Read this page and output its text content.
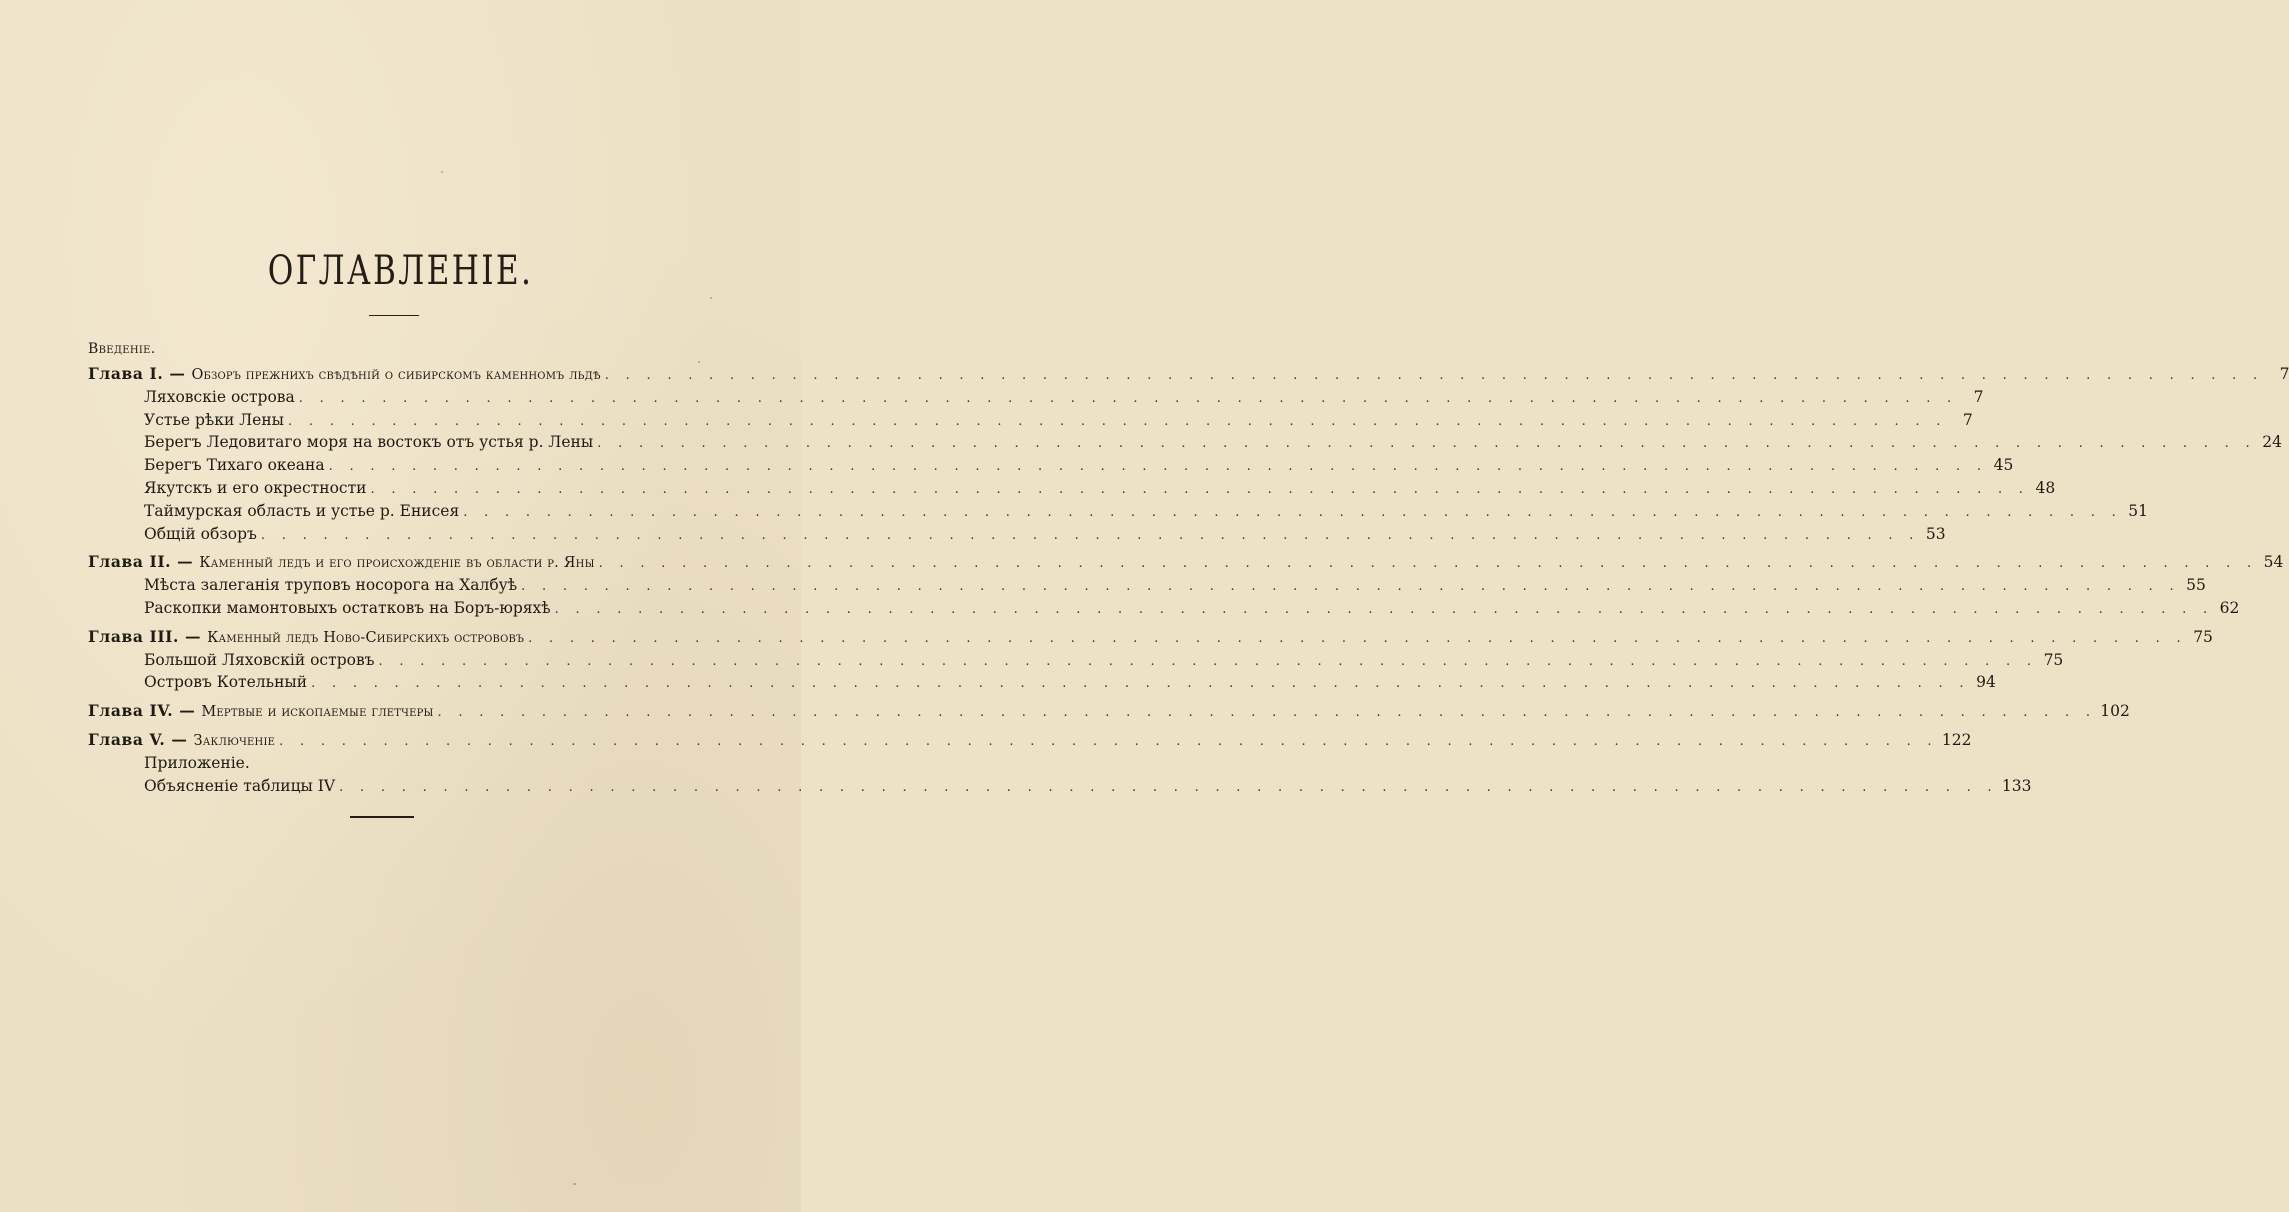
ОГЛАВЛЕНІЕ.
Введеніе.
Глава I. — Обзоръ прежнихъ свѣдѣній о сибирскомъ каменномъ льдѣ . . . . . . . . . . . . . . . . . . . . . . . . . . . . . . . . . . . . . . . . . . . . . . . . . . . . . . . . . . . . . . . . . . . . . . . . . . . . . . . .	7
Ляховскіе острова . . . . . . . . . . . . . . . . . . . . . . . . . . . . . . . . . . . . . . . . . . . . . . . . . . . . . . . . . . . . . . . . . . . . . . . . . . . . . . . .	7
Устье рѣки Лены . . . . . . . . . . . . . . . . . . . . . . . . . . . . . . . . . . . . . . . . . . . . . . . . . . . . . . . . . . . . . . . . . . . . . . . . . . . . . . . .	7
Берегъ Ледовитаго моря на востокъ отъ устья р. Лены . . . . . . . . . . . . . . . . . . . . . . . . . . . . . . . . . . . . . . . . . . . . . . . . . . . . . . . . . . . . . . . . . . . . . . . . . . . . . . . . 24
Берегъ Тихаго океана . . . . . . . . . . . . . . . . . . . . . . . . . . . . . . . . . . . . . . . . . . . . . . . . . . . . . . . . . . . . . . . . . . . . . . . . . . . . . . . . 45
Якутскъ и его окрестности . . . . . . . . . . . . . . . . . . . . . . . . . . . . . . . . . . . . . . . . . . . . . . . . . . . . . . . . . . . . . . . . . . . . . . . . . . . . . . . . 48
Таймурская область и устье р. Енисея . . . . . . . . . . . . . . . . . . . . . . . . . . . . . . . . . . . . . . . . . . . . . . . . . . . . . . . . . . . . . . . . . . . . . . . . . . . . . . . . 51
Общій обзоръ . . . . . . . . . . . . . . . . . . . . . . . . . . . . . . . . . . . . . . . . . . . . . . . . . . . . . . . . . . . . . . . . . . . . . . . . . . . . . . . . 53
Глава II. — Каменный ледъ и его происхожденіе въ области р. Яны . . . . . . . . . . . . . . . . . . . . . . . . . . . . . . . . . . . . . . . . . . . . . . . . . . . . . . . . . . . . . . . . . . . . . . . . . . . . . . . . 54
Мѣста залеганія труповъ носорога на Халбуѣ . . . . . . . . . . . . . . . . . . . . . . . . . . . . . . . . . . . . . . . . . . . . . . . . . . . . . . . . . . . . . . . . . . . . . . . . . . . . . . . . 55
Раскопки мамонтовыхъ остатковъ на Боръ-юряхѣ . . . . . . . . . . . . . . . . . . . . . . . . . . . . . . . . . . . . . . . . . . . . . . . . . . . . . . . . . . . . . . . . . . . . . . . . . . . . . . . . 62
Глава III. — Каменный ледъ Ново-Сибирскихъ острововъ . . . . . . . . . . . . . . . . . . . . . . . . . . . . . . . . . . . . . . . . . . . . . . . . . . . . . . . . . . . . . . . . . . . . . . . . . . . . . . . . 75
Большой Ляховскій островъ . . . . . . . . . . . . . . . . . . . . . . . . . . . . . . . . . . . . . . . . . . . . . . . . . . . . . . . . . . . . . . . . . . . . . . . . . . . . . . . . 75
Островъ Котельный . . . . . . . . . . . . . . . . . . . . . . . . . . . . . . . . . . . . . . . . . . . . . . . . . . . . . . . . . . . . . . . . . . . . . . . . . . . . . . . . 94
Глава IV. — Мертвые и ископаемые глетчеры . . . . . . . . . . . . . . . . . . . . . . . . . . . . . . . . . . . . . . . . . . . . . . . . . . . . . . . . . . . . . . . . . . . . . . . . . . . . . . . . 102
Глава V. — Заключеніе . . . . . . . . . . . . . . . . . . . . . . . . . . . . . . . . . . . . . . . . . . . . . . . . . . . . . . . . . . . . . . . . . . . . . . . . . . . . . . . . 122
Приложеніе.
Объясненіе таблицы IV . . . . . . . . . . . . . . . . . . . . . . . . . . . . . . . . . . . . . . . . . . . . . . . . . . . . . . . . . . . . . . . . . . . . . . . . . . . . . . . . 133
